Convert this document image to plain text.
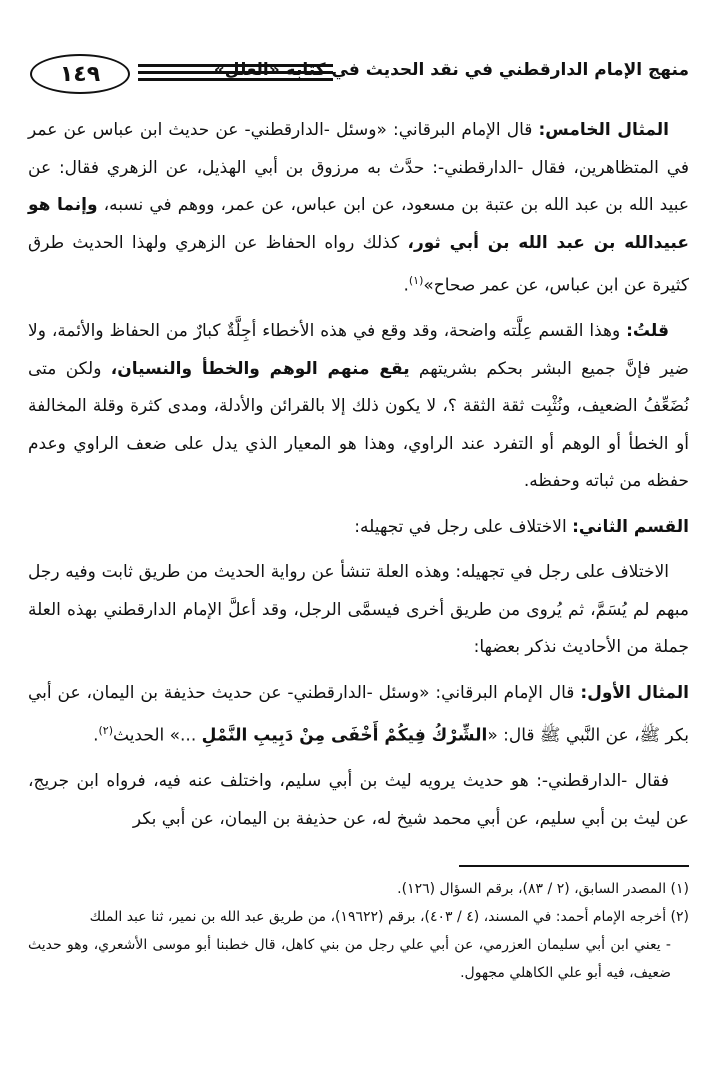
١٤٩	منهج الإمام الدارقطني في نقد الحديث في كتابه «العلل»

المثال الخامس: قال الإمام البرقاني: «وسئل -الدارقطني- عن حديث ابن عباس عن عمر في المتظاهرين، فقال -الدارقطني-: حدَّث به مرزوق بن أبي الهذيل، عن الزهري فقال: عن عبيد الله بن عبد الله بن عتبة بن مسعود، عن ابن عباس، عن عمر، ووهم في نسبه، وإنما هو عبيدالله بن عبد الله بن أبي ثور، كذلك رواه الحفاظ عن الزهري ولهذا الحديث طرق كثيرة عن ابن عباس، عن عمر صحاح»$^{(١)}$.

قلتُ: وهذا القسم عِلَّته واضحة، وقد وقع في هذه الأخطاء أجِلَّةٌ كبارٌ من الحفاظ والأئمة، ولا ضير فإنَّ جميع البشر بحكم بشريتهم يقع منهم الوهم والخطأ والنسيان، ولكن متى نُضَعِّفُ الضعيف، ونُثْبِت ثقة الثقة ؟، لا يكون ذلك إلا بالقرائن والأدلة، ومدى كثرة وقلة المخالفة أو الخطأ أو الوهم أو التفرد عند الراوي، وهذا هو المعيار الذي يدل على ضعف الراوي وعدم حفظه من ثباته وحفظه.

القسم الثاني: الاختلاف على رجل في تجهيله:

الاختلاف على رجل في تجهيله: وهذه العلة تنشأ عن رواية الحديث من طريق ثابت وفيه رجل مبهم لم يُسَمَّ، ثم يُروى من طريق أخرى فيسمَّى الرجل، وقد أعلَّ الإمام الدارقطني بهذه العلة جملة من الأحاديث نذكر بعضها:

المثال الأول: قال الإمام البرقاني: «وسئل -الدارقطني- عن حديث حذيفة بن اليمان، عن أبي بكر ﷺ، عن النَّبي ﷺ قال: «الشِّرْكُ فِيكُمْ أَخْفَى مِنْ دَبِيبِ النَّمْلِ ...» الحديث$^{(٢)}$.

فقال -الدارقطني-: هو حديث يرويه ليث بن أبي سليم، واختلف عنه فيه، فرواه ابن جريج، عن ليث بن أبي سليم، عن أبي محمد شيخ له، عن حذيفة بن اليمان، عن أبي بكر

(١) المصدر السابق، (٢ / ٨٣)، برقم السؤال (١٢٦).

(٢) أخرجه الإمام أحمد: في المسند، (٤ / ٤٠٣)، برقم (١٩٦٢٢)، من طريق عبد الله بن نمير، ثنا عبد الملك

- يعني ابن أبي سليمان العزرمي، عن أبي علي رجل من بني كاهل، قال خطبنا أبو موسى الأشعري، وهو حديث ضعيف، فيه أبو علي الكاهلي مجهول.
